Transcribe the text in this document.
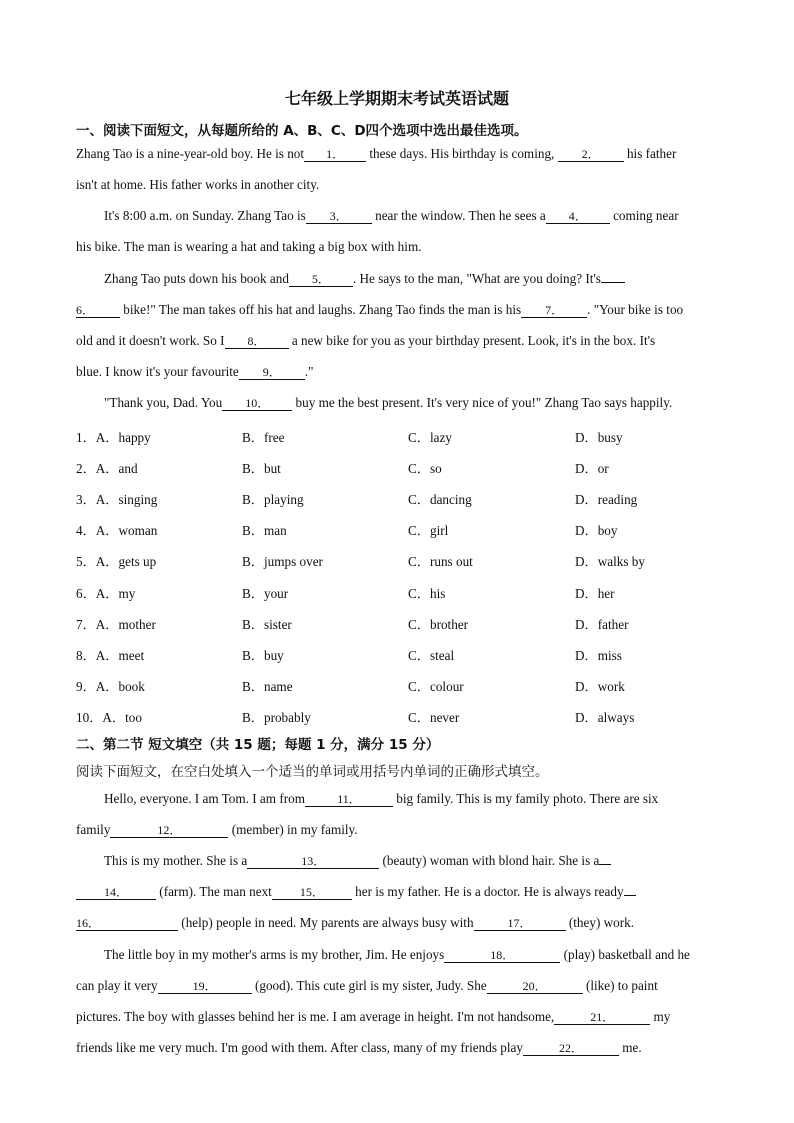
七年级上学期期末考试英语试题
一、阅读下面短文，从每题所给的 A、B、C、D四个选项中选出最佳选项。
Zhang Tao is a nine-year-old boy. He is not 1． these days. His birthday is coming, 2． his father
isn't at home. His father works in another city.
It's 8:00 a.m. on Sunday. Zhang Tao is 3． near the window. Then he sees a 4． coming near
his bike. The man is wearing a hat and taking a big box with him.
Zhang Tao puts down his book and 5． . He says to the man, "What are you doing? It's
6． bike!" The man takes off his hat and laughs. Zhang Tao finds the man is his 7． . "Your bike is too
old and it doesn't work. So I 8． a new bike for you as your birthday present. Look, it's in the box. It's
blue. I know it's your favourite 9． ."
"Thank you, Dad. You 10． buy me the best present. It's very nice of you!" Zhang Tao says happily.
1．A．happy	B．free	C．lazy	D．busy
2．A．and	B．but	C．so	D．or
3．A．singing	B．playing	C．dancing	D．reading
4．A．woman	B．man	C．girl	D．boy
5．A．gets up	B．jumps over	C．runs out	D．walks by
6．A．my	B．your	C．his	D．her
7．A．mother	B．sister	C．brother	D．father
8．A．meet	B．buy	C．steal	D．miss
9．A．book	B．name	C．colour	D．work
10．A．too	B．probably	C．never	D．always
二、第二节 短文填空（共 15 题；每题 1 分，满分 15 分）
阅读下面短文，在空白处填入一个适当的单词或用括号内单词的正确形式填空。
Hello, everyone. I am Tom. I am from	11． big family. This is my family photo. There are six
family	12．	(member) in my family.
This is my mother. She is a	13．	(beauty) woman with blond hair. She is a
14． (farm). The man next 15． her is my father. He is a doctor. He is always ready
16．	(help) people in need. My parents are always busy with	17．	(they) work.
The little boy in my mother's arms is my brother, Jim. He enjoys	18．	(play) basketball and he
can play it very	19．	(good). This cute girl is my sister, Judy. She	20．	(like) to paint
pictures. The boy with glasses behind her is me. I am average in height. I'm not handsome,	21．	my
friends like me very much. I'm good with them. After class, many of my friends play	22．	me.
